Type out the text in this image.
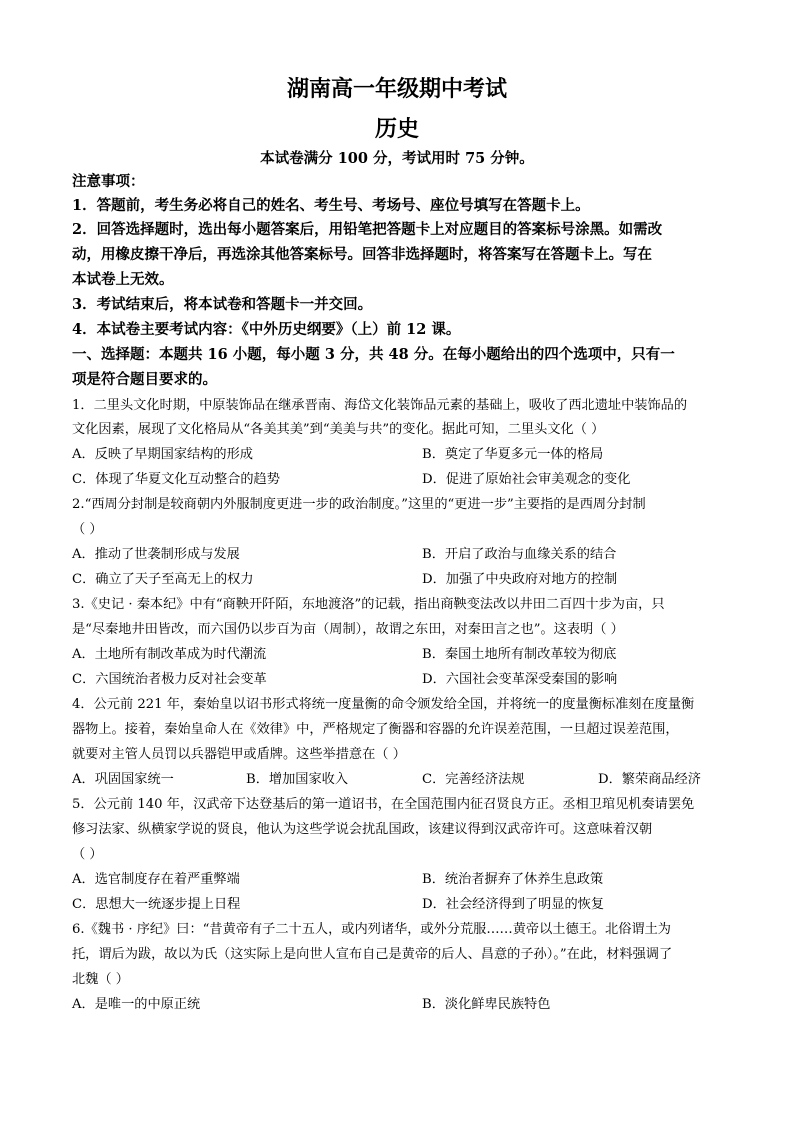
湖南高一年级期中考试
历史
本试卷满分 100 分，考试用时 75 分钟。
注意事项：
1．答题前，考生务必将自己的姓名、考生号、考场号、座位号填写在答题卡上。
2．回答选择题时，选出每小题答案后，用铅笔把答题卡上对应题目的答案标号涂黑。如需改
动，用橡皮擦干净后，再选涂其他答案标号。回答非选择题时，将答案写在答题卡上。写在
本试卷上无效。
3．考试结束后，将本试卷和答题卡一并交回。
4．本试卷主要考试内容：《中外历史纲要》（上）前 12 课。
一、选择题：本题共 16 小题，每小题 3 分，共 48 分。在每小题给出的四个选项中，只有一
项是符合题目要求的。
1．二里头文化时期，中原装饰品在继承晋南、海岱文化装饰品元素的基础上，吸收了西北遗址中装饰品的
文化因素，展现了文化格局从“各美其美”到“美美与共”的变化。据此可知，二里头文化（ ）
A．反映了早期国家结构的形成	B．奠定了华夏多元一体的格局
C．体现了华夏文化互动整合的趋势	D．促进了原始社会审美观念的变化
2.“西周分封制是较商朝内外服制度更进一步的政治制度。”这里的“更进一步”主要指的是西周分封制
（ ）
A．推动了世袭制形成与发展	B．开启了政治与血缘关系的结合
C．确立了天子至高无上的权力	D．加强了中央政府对地方的控制
3.《史记 · 秦本纪》中有“商鞅开阡陌，东地渡洛”的记载，指出商鞅变法改以井田二百四十步为亩，只
是“尽秦地井田皆改，而六国仍以步百为亩（周制），故谓之东田，对秦田言之也”。这表明（ ）
A．土地所有制改革成为时代潮流	B．秦国土地所有制改革较为彻底
C．六国统治者极力反对社会变革	D．六国社会变革深受秦国的影响
4．公元前 221 年，秦始皇以诏书形式将统一度量衡的命令颁发给全国，并将统一的度量衡标准刻在度量衡
器物上。接着，秦始皇命人在《效律》中，严格规定了衡器和容器的允许误差范围，一旦超过误差范围，
就要对主管人员罚以兵器铠甲或盾牌。这些举措意在（ ）
A．巩固国家统一	B．增加国家收入	C．完善经济法规	D．繁荣商品经济
5．公元前 140 年，汉武帝下达登基后的第一道诏书，在全国范围内征召贤良方正。丞相卫琯见机奏请罢免
修习法家、纵横家学说的贤良，他认为这些学说会扰乱国政，该建议得到汉武帝许可。这意味着汉朝
（ ）
A．选官制度存在着严重弊端	B．统治者摒弃了休养生息政策
C．思想大一统逐步提上日程	D．社会经济得到了明显的恢复
6.《魏书 · 序纪》曰：“昔黄帝有子二十五人，或内列诸华，或外分荒服……黄帝以土德王。北俗谓土为
托，谓后为跋，故以为氏（这实际上是向世人宣布自己是黄帝的后人、昌意的子孙）。”在此，材料强调了
北魏（ ）
A．是唯一的中原正统	B．淡化鲜卑民族特色
